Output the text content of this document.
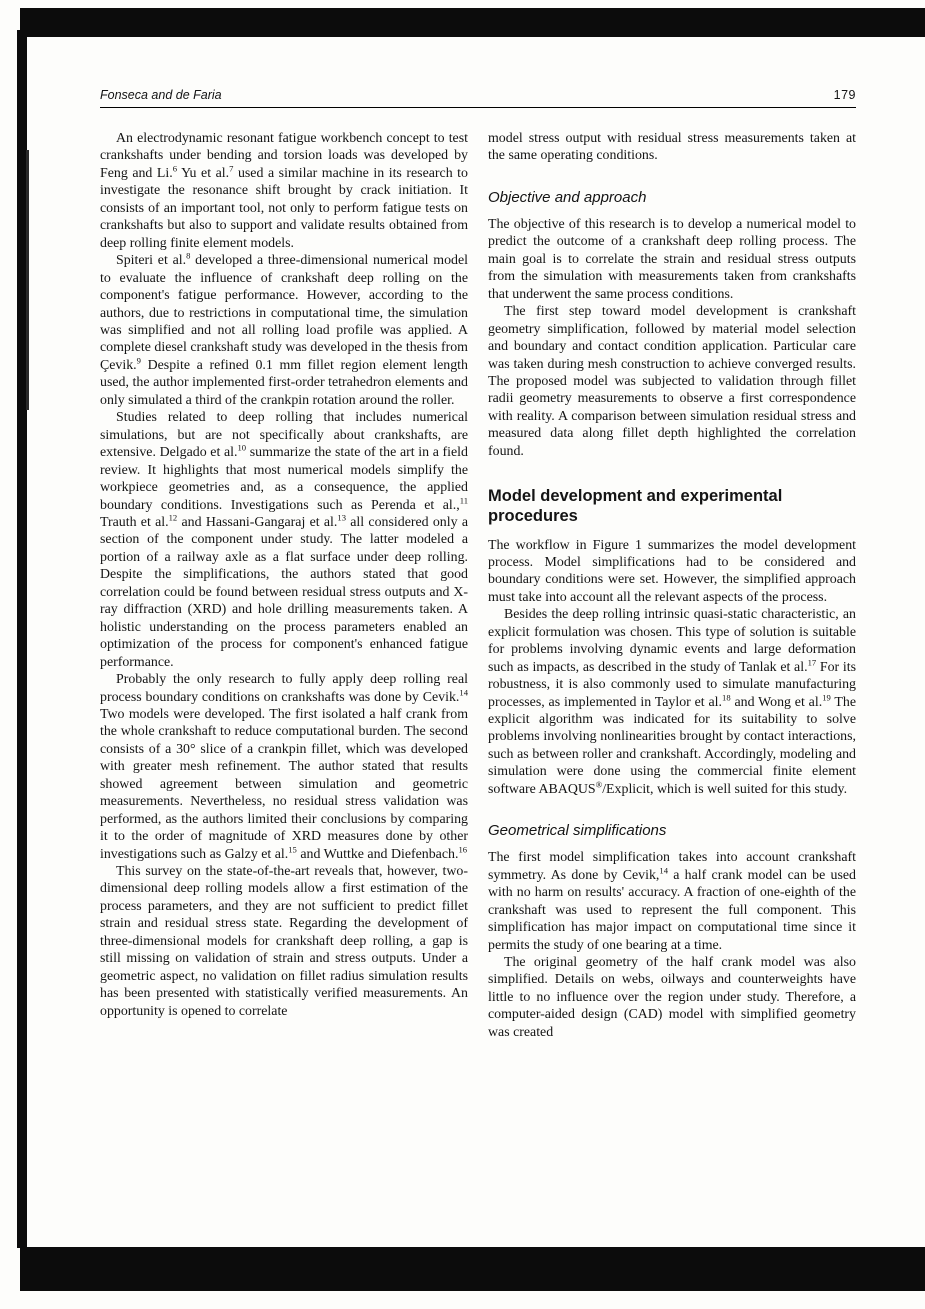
Fonseca and de Faria	179

An electrodynamic resonant fatigue workbench concept to test crankshafts under bending and torsion loads was developed by Feng and Li.$^6$ Yu et al.$^7$ used a similar machine in its research to investigate the resonance shift brought by crack initiation. It consists of an important tool, not only to perform fatigue tests on crankshafts but also to support and validate results obtained from deep rolling finite element models.

Spiteri et al.$^8$ developed a three-dimensional numerical model to evaluate the influence of crankshaft deep rolling on the component's fatigue performance. However, according to the authors, due to restrictions in computational time, the simulation was simplified and not all rolling load profile was applied. A complete diesel crankshaft study was developed in the thesis from Çevik.$^9$ Despite a refined 0.1 mm fillet region element length used, the author implemented first-order tetrahedron elements and only simulated a third of the crankpin rotation around the roller.

Studies related to deep rolling that includes numerical simulations, but are not specifically about crankshafts, are extensive. Delgado et al.$^{10}$ summarize the state of the art in a field review. It highlights that most numerical models simplify the workpiece geometries and, as a consequence, the applied boundary conditions. Investigations such as Perenda et al.,$^{11}$ Trauth et al.$^{12}$ and Hassani-Gangaraj et al.$^{13}$ all considered only a section of the component under study. The latter modeled a portion of a railway axle as a flat surface under deep rolling. Despite the simplifications, the authors stated that good correlation could be found between residual stress outputs and X-ray diffraction (XRD) and hole drilling measurements taken. A holistic understanding on the process parameters enabled an optimization of the process for component's enhanced fatigue performance.

Probably the only research to fully apply deep rolling real process boundary conditions on crankshafts was done by Cevik.$^{14}$ Two models were developed. The first isolated a half crank from the whole crankshaft to reduce computational burden. The second consists of a 30° slice of a crankpin fillet, which was developed with greater mesh refinement. The author stated that results showed agreement between simulation and geometric measurements. Nevertheless, no residual stress validation was performed, as the authors limited their conclusions by comparing it to the order of magnitude of XRD measures done by other investigations such as Galzy et al.$^{15}$ and Wuttke and Diefenbach.$^{16}$

This survey on the state-of-the-art reveals that, however, two-dimensional deep rolling models allow a first estimation of the process parameters, and they are not sufficient to predict fillet strain and residual stress state. Regarding the development of three-dimensional models for crankshaft deep rolling, a gap is still missing on validation of strain and stress outputs. Under a geometric aspect, no validation on fillet radius simulation results has been presented with statistically verified measurements. An opportunity is opened to correlate

model stress output with residual stress measurements taken at the same operating conditions.

Objective and approach

The objective of this research is to develop a numerical model to predict the outcome of a crankshaft deep rolling process. The main goal is to correlate the strain and residual stress outputs from the simulation with measurements taken from crankshafts that underwent the same process conditions.

The first step toward model development is crankshaft geometry simplification, followed by material model selection and boundary and contact condition application. Particular care was taken during mesh construction to achieve converged results. The proposed model was subjected to validation through fillet radii geometry measurements to observe a first correspondence with reality. A comparison between simulation residual stress and measured data along fillet depth highlighted the correlation found.

Model development and experimental procedures

The workflow in Figure 1 summarizes the model development process. Model simplifications had to be considered and boundary conditions were set. However, the simplified approach must take into account all the relevant aspects of the process.

Besides the deep rolling intrinsic quasi-static characteristic, an explicit formulation was chosen. This type of solution is suitable for problems involving dynamic events and large deformation such as impacts, as described in the study of Tanlak et al.$^{17}$ For its robustness, it is also commonly used to simulate manufacturing processes, as implemented in Taylor et al.$^{18}$ and Wong et al.$^{19}$ The explicit algorithm was indicated for its suitability to solve problems involving nonlinearities brought by contact interactions, such as between roller and crankshaft. Accordingly, modeling and simulation were done using the commercial finite element software ABAQUS®/Explicit, which is well suited for this study.

Geometrical simplifications

The first model simplification takes into account crankshaft symmetry. As done by Cevik,$^{14}$ a half crank model can be used with no harm on results' accuracy. A fraction of one-eighth of the crankshaft was used to represent the full component. This simplification has major impact on computational time since it permits the study of one bearing at a time.

The original geometry of the half crank model was also simplified. Details on webs, oilways and counterweights have little to no influence over the region under study. Therefore, a computer-aided design (CAD) model with simplified geometry was created
